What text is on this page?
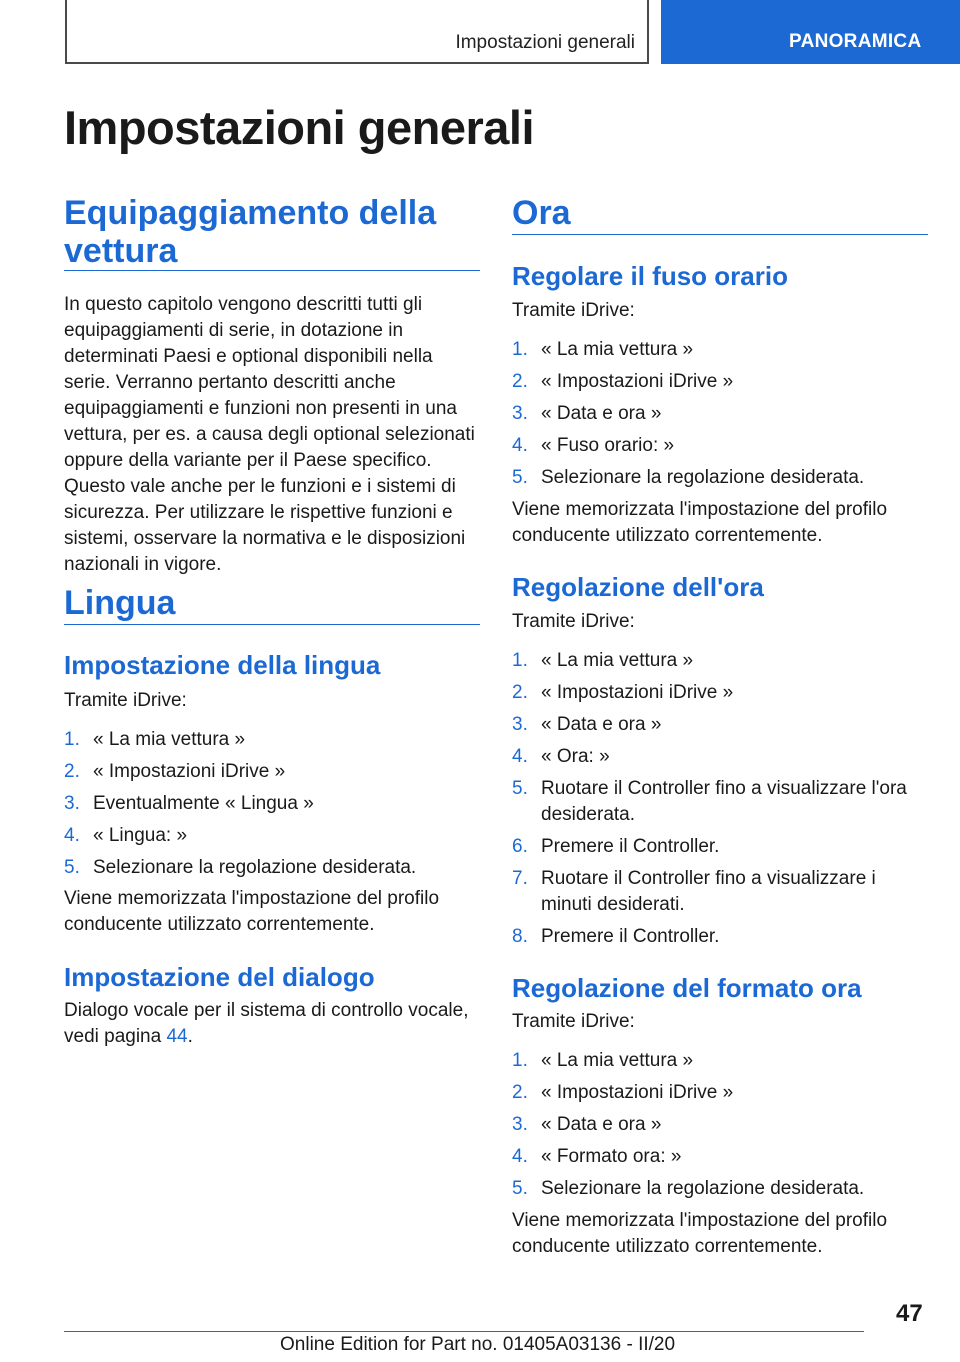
Impostazioni generali	PANORAMICA
Impostazioni generali
Equipaggiamento della
vettura

In questo capitolo vengono descritti tutti gli equipaggiamenti di serie, in dotazione in determinati Paesi e optional disponibili nella serie. Verranno pertanto descritti anche equipaggiamenti e funzioni non presenti in una vettura, per es. a causa degli optional selezionati oppure della variante per il Paese specifico. Questo vale anche per le funzioni e i sistemi di sicurezza. Per utilizzare le rispettive funzioni e sistemi, osservare la normativa e le disposizioni nazionali in vigore.

Lingua
Impostazione della lingua
Tramite iDrive:
1. « La mia vettura »
2. « Impostazioni iDrive »
3. Eventualmente « Lingua »
4. « Lingua: »
5. Selezionare la regolazione desiderata.

Viene memorizzata l'impostazione del profilo conducente utilizzato correntemente.

Impostazione del dialogo

Dialogo vocale per il sistema di controllo vocale, vedi pagina 44.

Ora
Regolare il fuso orario
Tramite iDrive:
1. « La mia vettura »
2. « Impostazioni iDrive »
3. « Data e ora »
4. « Fuso orario: »
5. Selezionare la regolazione desiderata.

Viene memorizzata l'impostazione del profilo conducente utilizzato correntemente.

Regolazione dell'ora
Tramite iDrive:
1. « La mia vettura »
2. « Impostazioni iDrive »
3. « Data e ora »
4. « Ora: »
5. Ruotare il Controller fino a visualizzare l'ora desiderata.
6. Premere il Controller.
7. Ruotare il Controller fino a visualizzare i minuti desiderati.
8. Premere il Controller.
Regolazione del formato ora
Tramite iDrive:
1. « La mia vettura »
2. « Impostazioni iDrive »
3. « Data e ora »
4. « Formato ora: »
5. Selezionare la regolazione desiderata.

Viene memorizzata l'impostazione del profilo conducente utilizzato correntemente.

47
Online Edition for Part no. 01405A03136 - II/20
